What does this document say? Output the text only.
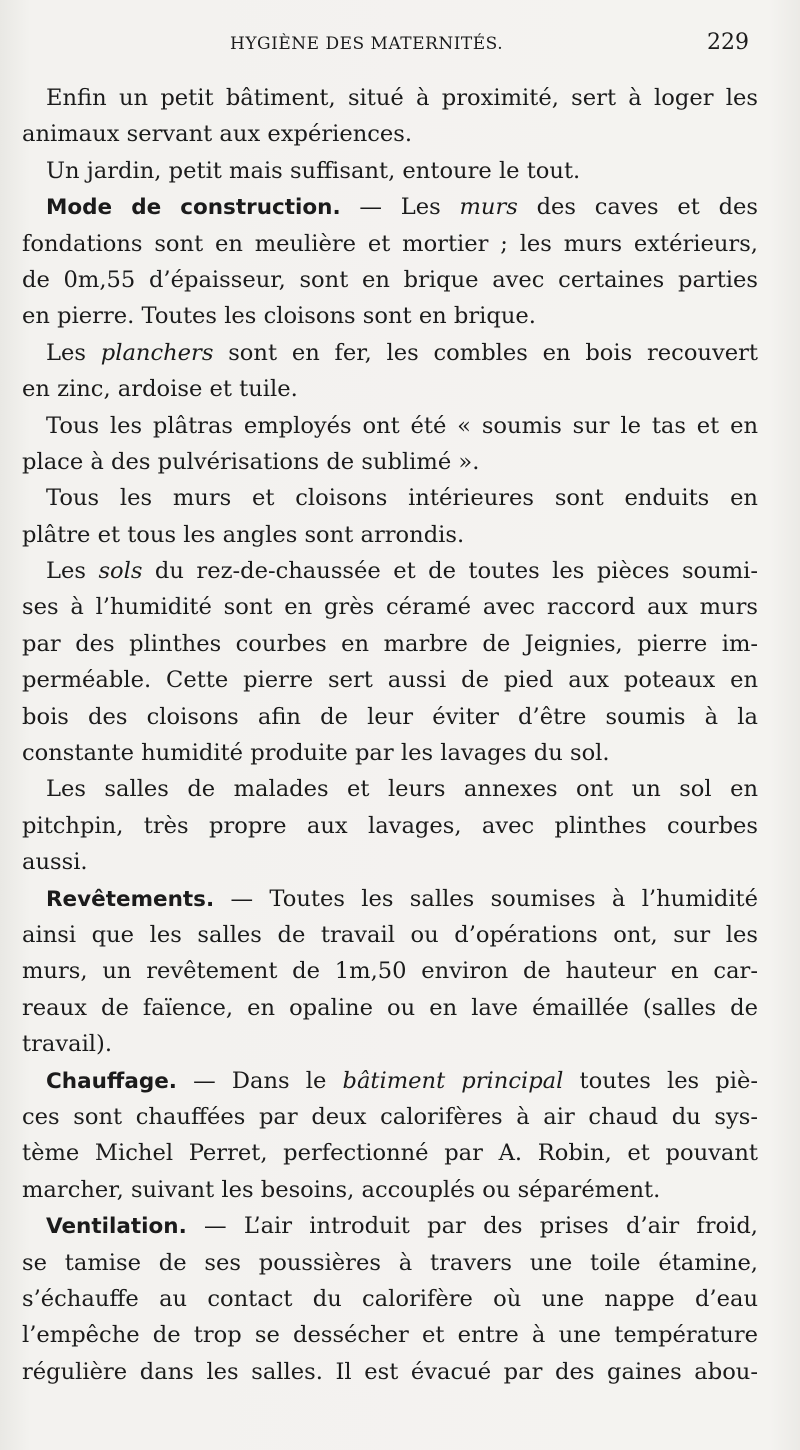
HYGIÈNE DES MATERNITÉS.	229
Enfin un petit bâtiment, situé à proximité, sert à loger les
animaux servant aux expériences.
Un jardin, petit mais suffisant, entoure le tout.
Mode de construction. — Les murs des caves et des
fondations sont en meulière et mortier ; les murs extérieurs,
de 0m,55 d’épaisseur, sont en brique avec certaines parties
en pierre. Toutes les cloisons sont en brique.
Les planchers sont en fer, les combles en bois recouvert
en zinc, ardoise et tuile.
Tous les plâtras employés ont été « soumis sur le tas et en
place à des pulvérisations de sublimé ».
Tous les murs et cloisons intérieures sont enduits en
plâtre et tous les angles sont arrondis.
Les sols du rez-de-chaussée et de toutes les pièces soumi-
ses à l’humidité sont en grès céramé avec raccord aux murs
par des plinthes courbes en marbre de Jeignies, pierre im-
perméable. Cette pierre sert aussi de pied aux poteaux en
bois des cloisons afin de leur éviter d’être soumis à la
constante humidité produite par les lavages du sol.
Les salles de malades et leurs annexes ont un sol en
pitchpin, très propre aux lavages, avec plinthes courbes
aussi.
Revêtements. — Toutes les salles soumises à l’humidité
ainsi que les salles de travail ou d’opérations ont, sur les
murs, un revêtement de 1m,50 environ de hauteur en car-
reaux de faïence, en opaline ou en lave émaillée (salles de
travail).
Chauffage. — Dans le bâtiment principal toutes les piè-
ces sont chauffées par deux calorifères à air chaud du sys-
tème Michel Perret, perfectionné par A. Robin, et pouvant
marcher, suivant les besoins, accouplés ou séparément.
Ventilation. — L’air introduit par des prises d’air froid,
se tamise de ses poussières à travers une toile étamine,
s’échauffe au contact du calorifère où une nappe d’eau
l’empêche de trop se dessécher et entre à une température
régulière dans les salles. Il est évacué par des gaines abou-
